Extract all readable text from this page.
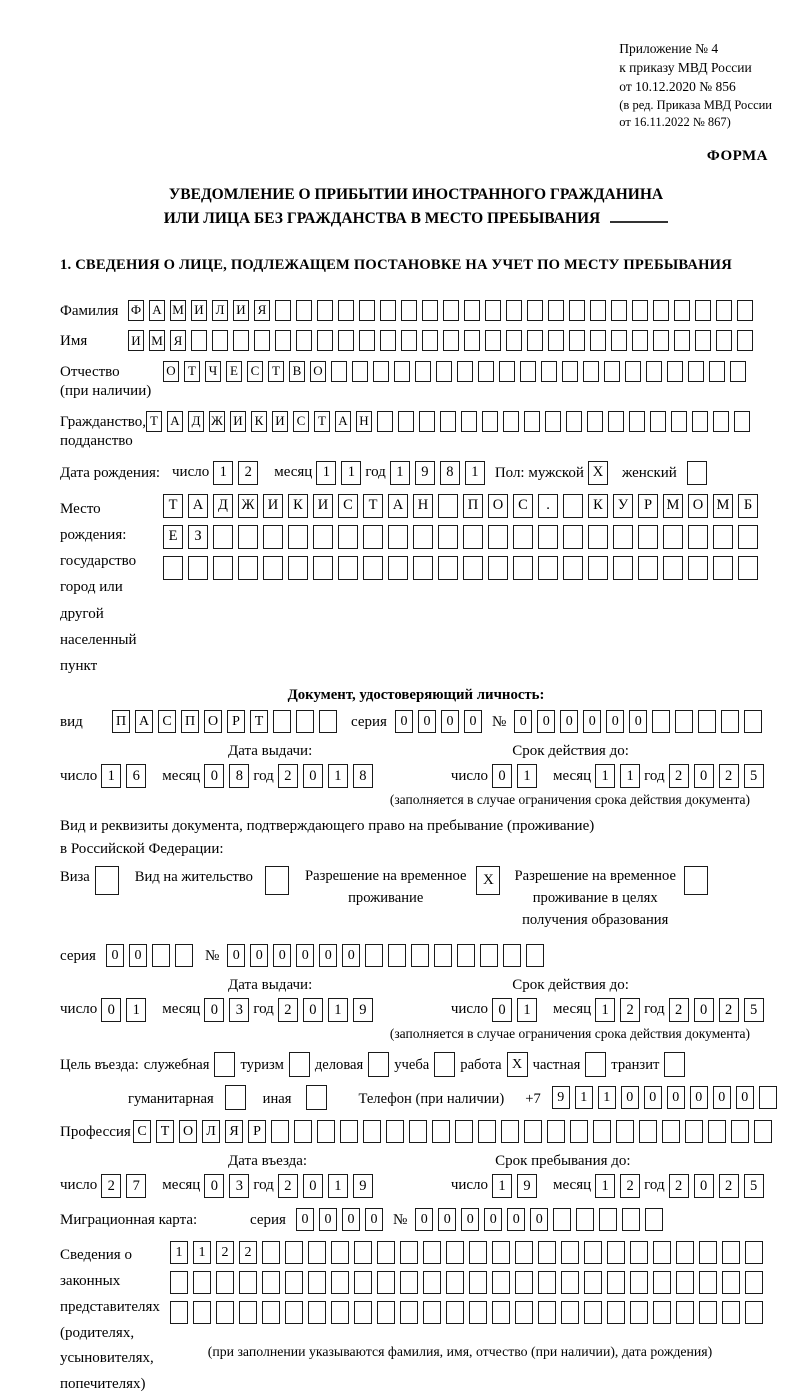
Приложение № 4
к приказу МВД России
от 10.12.2020 № 856
(в ред. Приказа МВД России
от 16.11.2022 № 867)
ФОРМА
УВЕДОМЛЕНИЕ О ПРИБЫТИИ ИНОСТРАННОГО ГРАЖДАНИНА
ИЛИ ЛИЦА БЕЗ ГРАЖДАНСТВА В МЕСТО ПРЕБЫВАНИЯ
1. СВЕДЕНИЯ О ЛИЦЕ, ПОДЛЕЖАЩЕМ ПОСТАНОВКЕ НА УЧЕТ ПО МЕСТУ ПРЕБЫВАНИЯ
Фамилия Ф А М И Л И Я
Имя	И М Я
Отчество
(при наличии)
О Т Ч Е С Т В О
Гражданство,
подданство
Т А Д Ж И К И С Т А Н
Дата рождения: число 1	2	месяц 1	1 год 1	9	8	1	Пол: мужской X	женский
Место рождения:
государство
город или другой
населенный пункт
Т	А	Д Ж И	К	И	С	Т	А	Н	П	О	С	.	К	У	Р	М О М Б
Е	З
Документ, удостоверяющий личность:
вид	П А С П О	Р	Т	серия 0	0	0	0	№ 0	0	0	0	0	0
Дата выдачи:	Срок действия до:
число 1	6	месяц 0	8 год 2	0	1	8	число 0	1	месяц 1	1 год 2	0	2	5
(заполняется в случае ограничения срока действия документа)
Вид и реквизиты документа, подтверждающего право на пребывание (проживание)
в Российской Федерации:
Виза	Вид на жительство	Разрешение на временное
проживание
X	Разрешение на временное
проживание в целях
получения образования
серия	0	0	№ 0	0	0	0	0	0
Дата выдачи:	Срок действия до:
число 0	1	месяц 0	3 год 2	0	1	9	число 0	1	месяц 1	2 год 2	0	2	5
(заполняется в случае ограничения срока действия документа)
Цель въезда: служебная туризм деловая учеба работа X частная транзит
гуманитарная	иная	Телефон (при наличии) +7	9	1	1	0	0	0	0	0	0
Профессия С	Т О Л Я	Р
Дата въезда:	Срок пребывания до:
число 2	7	месяц 0	3 год 2	0	1	9	число 1	9	месяц 1	2 год 2	0	2	5
Миграционная карта:	серия	0	0	0	0	№ 0	0	0	0	0	0
Сведения о
законных
представителях
(родителях,
усыновителях,
попечителях)
1	1	2	2
(при заполнении указываются фамилия, имя, отчество (при наличии), дата рождения)
